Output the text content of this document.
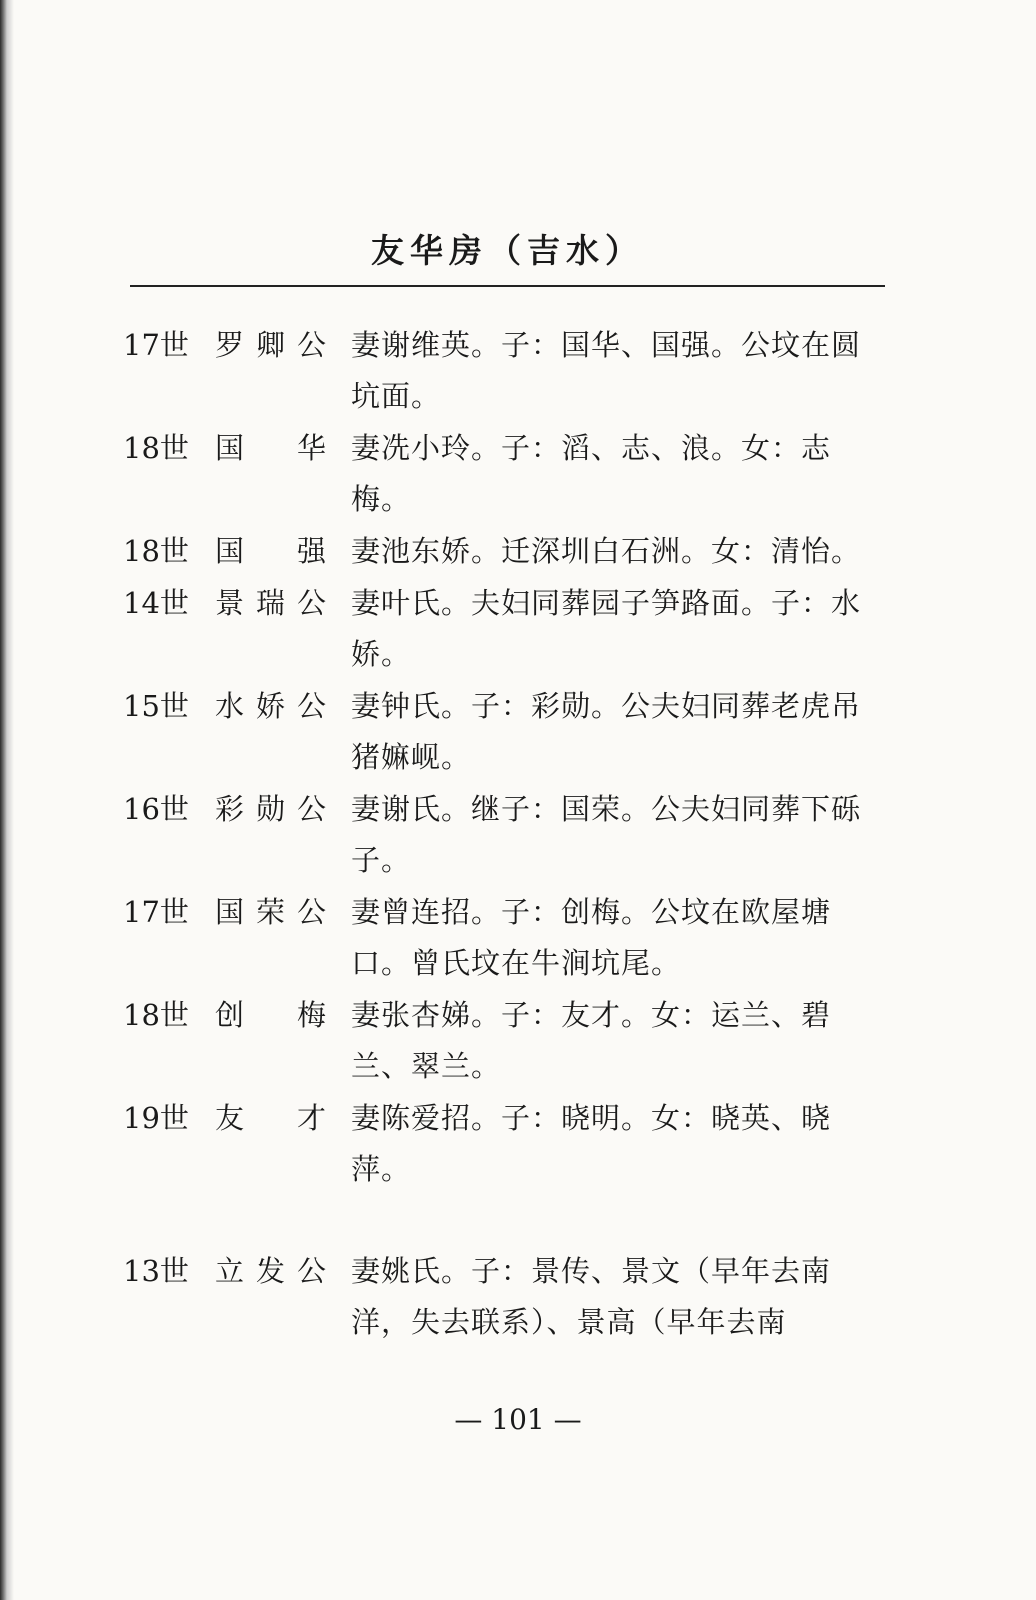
友华房（吉水）
17世 罗卿公 妻谢维英。子：国华、国强。公坟在圆坑面。
18世 国华 妻冼小玲。子：滔、志、浪。女：志梅。
18世 国强 妻池东娇。迁深圳白石洲。女：清怡。
14世 景瑞公 妻叶氏。夫妇同葬园子笋路面。子：水娇。
15世 水娇公 妻钟氏。子：彩勋。公夫妇同葬老虎吊猪嫲岘。
16世 彩勋公 妻谢氏。继子：国荣。公夫妇同葬下砾子。
17世 国荣公 妻曾连招。子：创梅。公坟在欧屋塘口。曾氏坟在牛涧坑尾。
18世 创梅 妻张杏娣。子：友才。女：运兰、碧兰、翠兰。
19世 友才 妻陈爱招。子：晓明。女：晓英、晓萍。
13世 立发公 妻姚氏。子：景传、景文（早年去南洋，失去联系）、景高（早年去南
— 101 —
